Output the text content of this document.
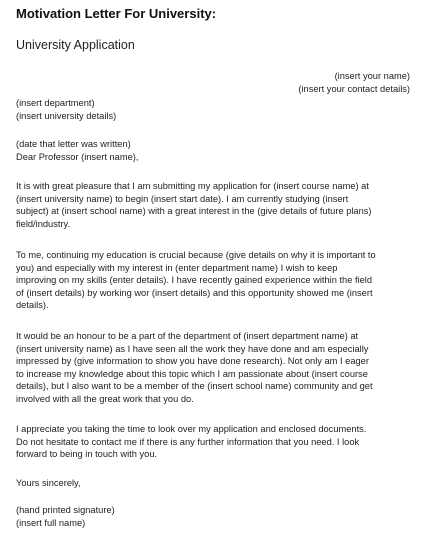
Motivation Letter For University:
University Application
(insert your name)
(insert your contact details)
(insert department)
(insert university details)
(date that letter was written)
Dear Professor (insert name),
It is with great pleasure that I am submitting my application for (insert course name) at
(insert university name) to begin (insert start date). I am currently studying (insert
subject) at (insert school name) with a great interest in the (give details of future plans)
field/industry.
To me, continuing my education is crucial because (give details on why it is important to
you) and especially with my interest in (enter department name) I wish to keep
improving on my skills (enter details). I have recently gained experience within the field
of (insert details) by working wor (insert details) and this opportunity showed me (insert
details).
It would be an honour to be a part of the department of (insert department name) at
(insert university name) as I have seen all the work they have done and am especially
impressed by (give information to show you have done research). Not only am I eager
to increase my knowledge about this topic which I am passionate about (insert course
details), but I also want to be a member of the (insert school name) community and get
involved with all the great work that you do.
I appreciate you taking the time to look over my application and enclosed documents.
Do not hesitate to contact me if there is any further information that you need. I look
forward to being in touch with you.
Yours sincerely,
(hand printed signature)
(insert full name)
